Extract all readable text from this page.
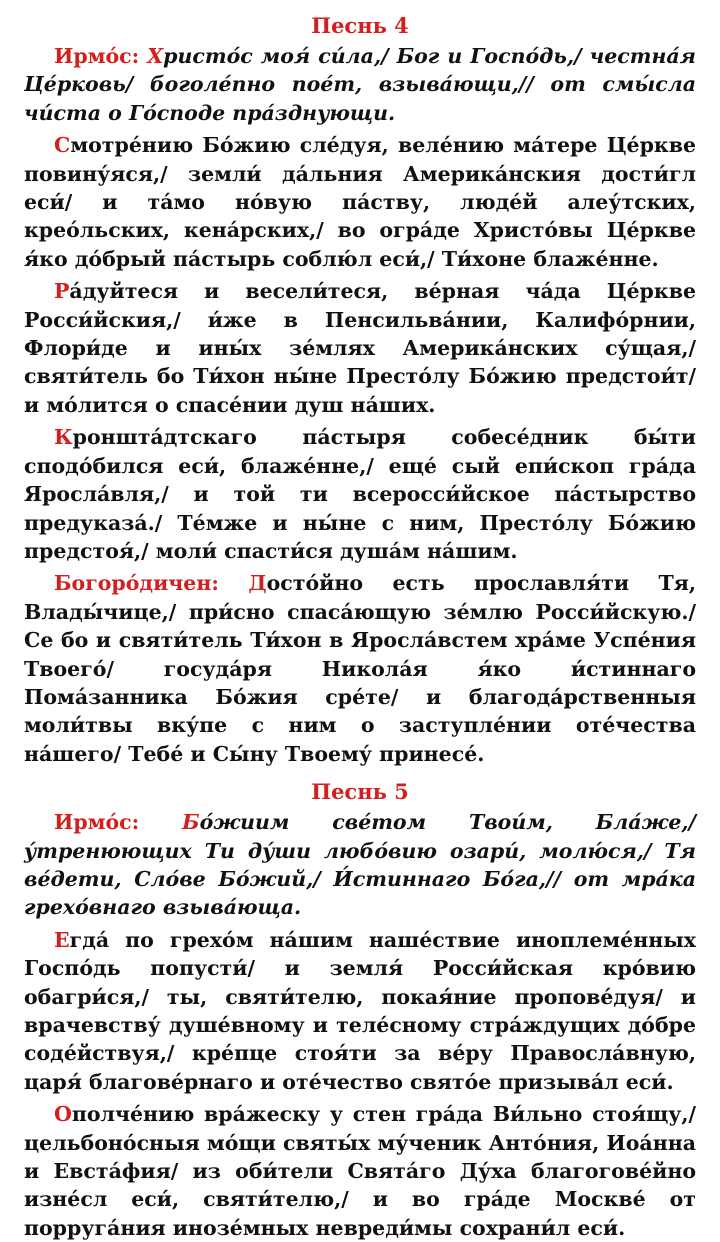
Песнь 4

Ирмо́с: Христо́с моя́ си́ла,/ Бог и Госпо́дь,/ честна́я Це́рковь/ боголе́пно пое́т, взыва́ющи,// от смы́сла чи́ста о Го́споде пра́зднующи.

Смотре́нию Бо́жию сле́дуя, веле́нию ма́тере Це́ркве повину́яся,/ земли́ да́льния Америка́нския дости́гл еси́/ и та́мо но́вую па́ству, люде́й алеу́тских, креóльских, кена́рских,/ во огра́де Христо́вы Це́ркве я́ко до́брый па́стырь соблю́л еси́,/ Ти́хоне блаже́нне.

Ра́дуйтеся и весели́теся, ве́рная ча́да Це́ркве Росси́йския,/ и́же в Пенсильва́нии, Калифо́рнии, Флори́де и ины́х зе́млях Америка́нских су́щая,/ святи́тель бо Ти́хон ны́не Престо́лу Бо́жию предстои́т/ и мо́лится о спасе́нии душ на́ших.

Кроншта́дтскаго па́стыря собесе́дник бы́ти сподо́бился еси́, блаже́нне,/ еще́ сый епи́скоп гра́да Яросла́вля,/ и той ти всеросси́йское па́стырство предуказа́./ Те́мже и ны́не с ним, Престо́лу Бо́жию предстоя́,/ моли́ спасти́ся душа́м на́шим.

Богоро́дичен: Досто́йно есть прославля́ти Тя, Влады́чице,/ при́сно спаса́ющую зе́млю Росси́йскую./ Се бо и святи́тель Ти́хон в Яросла́встем хра́ме Успе́ния Твоего́/ госуда́ря Никола́я я́ко и́стиннаго Помáзанника Бо́жия сре́те/ и благода́рственныя моли́твы вку́пе с ним о заступле́нии оте́чества на́шего/ Тебе́ и Сы́ну Твоему́ принесе́.

Песнь 5

Ирмо́с: Бо́жиим све́том Твои́м, Бла́же,/ у́тренюющих Ти ду́ши любо́вию озари́, молю́ся,/ Тя ве́дети, Сло́ве Бо́жий,/ И́стиннаго Бо́га,// от мра́ка грехо́внаго взыва́юща.

Егда́ по грехо́м на́шим наше́ствие иноплеме́нных Госпо́дь попусти́/ и земля́ Росси́йская кро́вию обагри́ся,/ ты, святи́телю, покая́ние пропове́дуя/ и врачевству́ душе́вному и теле́сному стра́ждущих до́бре соде́йствуя,/ кре́пце стоя́ти за ве́ру Правосла́вную, царя́ благове́рнаго и оте́чество свято́е призыва́л еси́.

Ополче́нию вра́жеску у стен гра́да Ви́льно стоя́щу,/ цельбоно́сныя мо́щи святы́х му́ченик Анто́ния, Иоа́нна и Евста́фия/ из оби́тели Свята́го Ду́ха благогове́йно изне́сл еси́, святи́телю,/ и во гра́де Москве́ от порруга́ния инозе́мных невреди́мы сохрани́л еси́.
